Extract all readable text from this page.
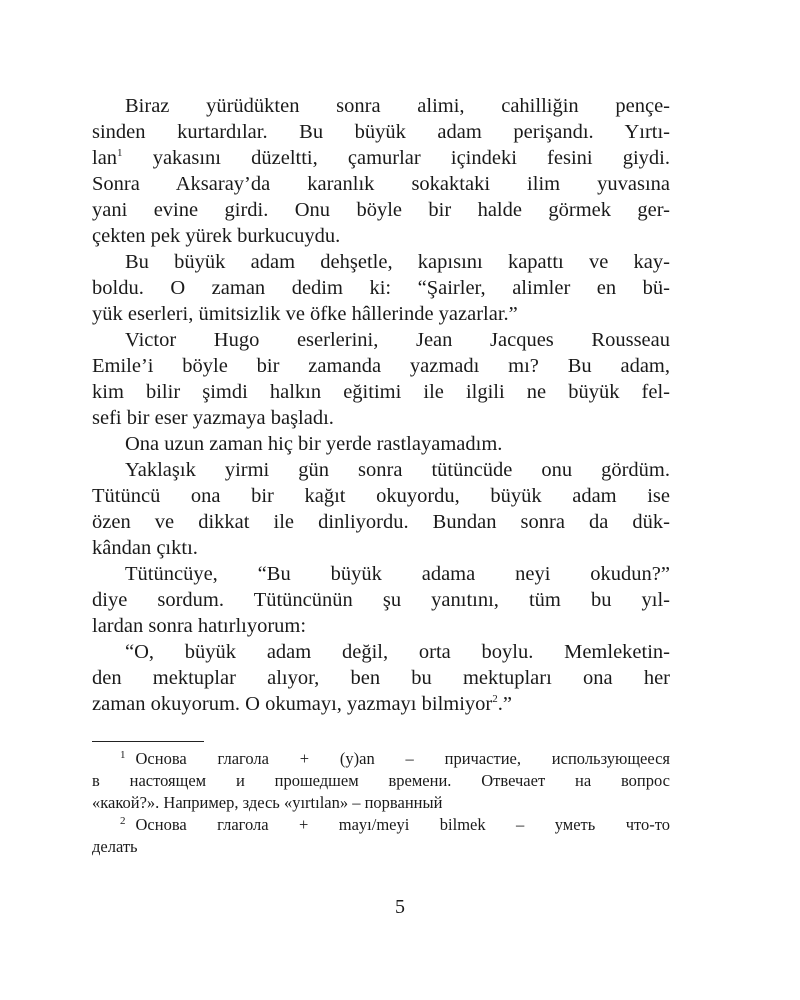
Biraz yürüdükten sonra alimi, cahilliğin pençe-
sinden kurtardılar. Bu büyük adam perişandı. Yırtı-
lan$^1$ yakasını düzeltti, çamurlar içindeki fesini giydi.
Sonra Aksaray’da karanlık sokaktaki ilim yuvasına
yani evine girdi. Onu böyle bir halde görmek ger-
çekten pek yürek burkucuydu.
Bu büyük adam dehşetle, kapısını kapattı ve kay-
boldu. O zaman dedim ki: “Şairler, alimler en bü-
yük eserleri, ümitsizlik ve öfke hâllerinde yazarlar.”
Victor Hugo eserlerini, Jean Jacques Rousseau
Emile’i böyle bir zamanda yazmadı mı? Bu adam,
kim bilir şimdi halkın eğitimi ile ilgili ne büyük fel-
sefi bir eser yazmaya başladı.
Ona uzun zaman hiç bir yerde rastlayamadım.
Yaklaşık yirmi gün sonra tütüncüde onu gördüm.
Tütüncü ona bir kağıt okuyordu, büyük adam ise
özen ve dikkat ile dinliyordu. Bundan sonra da dük-
kândan çıktı.
Tütüncüye, “Bu büyük adama neyi okudun?”
diye sordum. Tütüncünün şu yanıtını, tüm bu yıl-
lardan sonra hatırlıyorum:
“O, büyük adam değil, orta boylu. Memleketin-
den mektuplar alıyor, ben bu mektupları ona her
zaman okuyorum. O okumayı, yazmayı bilmiyor$^2$.”
$^1$ Основа глагола + (y)an – причастие, использующееся
в настоящем и прошедшем времени. Отвечает на вопрос
«какой?». Например, здесь «yırtılan» – порванный
$^2$ Основа глагола + mayı/meyi bilmek – уметь что-то
делать
5
